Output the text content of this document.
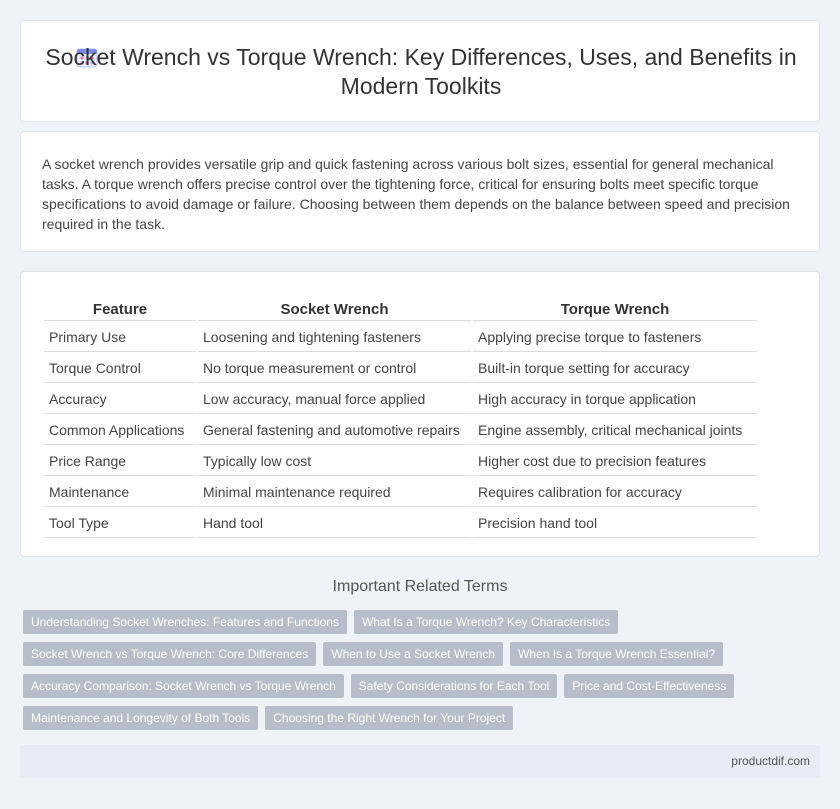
Socket Wrench vs Torque Wrench: Key Differences, Uses, and Benefits in Modern Toolkits

A socket wrench provides versatile grip and quick fastening across various bolt sizes, essential for general mechanical tasks. A torque wrench offers precise control over the tightening force, critical for ensuring bolts meet specific torque specifications to avoid damage or failure. Choosing between them depends on the balance between speed and precision required in the task.

Feature	Socket Wrench	Torque Wrench
Primary Use	Loosening and tightening fasteners	Applying precise torque to fasteners
Torque Control	No torque measurement or control	Built-in torque setting for accuracy
Accuracy	Low accuracy, manual force applied	High accuracy in torque application
Common Applications	General fastening and automotive repairs	Engine assembly, critical mechanical joints
Price Range	Typically low cost	Higher cost due to precision features
Maintenance	Minimal maintenance required	Requires calibration for accuracy
Tool Type	Hand tool	Precision hand tool
Important Related Terms
Understanding Socket Wrenches: Features and Functions	What Is a Torque Wrench? Key Characteristics
Socket Wrench vs Torque Wrench: Core Differences	When to Use a Socket Wrench	When Is a Torque Wrench Essential?
Accuracy Comparison: Socket Wrench vs Torque Wrench	Safety Considerations for Each Tool	Price and Cost-Effectiveness
Maintenance and Longevity of Both Tools	Choosing the Right Wrench for Your Project
productdif.com
